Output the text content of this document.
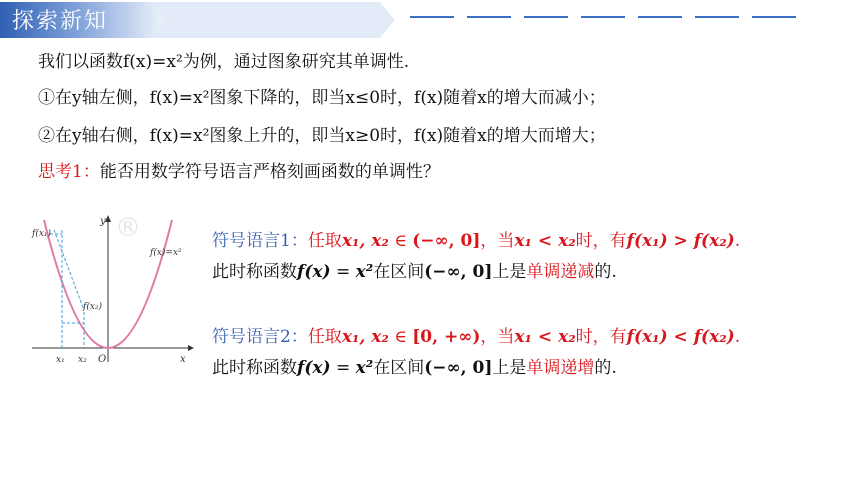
探索新知
我们以函数f(x)=x²为例，通过图象研究其单调性.
①在y轴左侧，f(x)=x²图象下降的，即当x≤0时，f(x)随着x的增大而减小；
②在y轴右侧，f(x)=x²图象上升的，即当x≥0时，f(x)随着x的增大而增大；
思考1：能否用数学符号语言严格刻画函数的单调性？
f(x₁)
f(x₂)
f(x)=x²
y
x
O
x₁ x₂
®	符号语言1：任取x₁, x₂ ∈ (−∞, 0]，当x₁ < x₂时，有f(x₁) > f(x₂).
此时称函数f(x) = x²在区间(−∞, 0]上是单调递减的.
符号语言2：任取x₁, x₂ ∈ [0, +∞)，当x₁ < x₂时，有f(x₁) < f(x₂).
此时称函数f(x) = x²在区间(−∞, 0]上是单调递增的.
